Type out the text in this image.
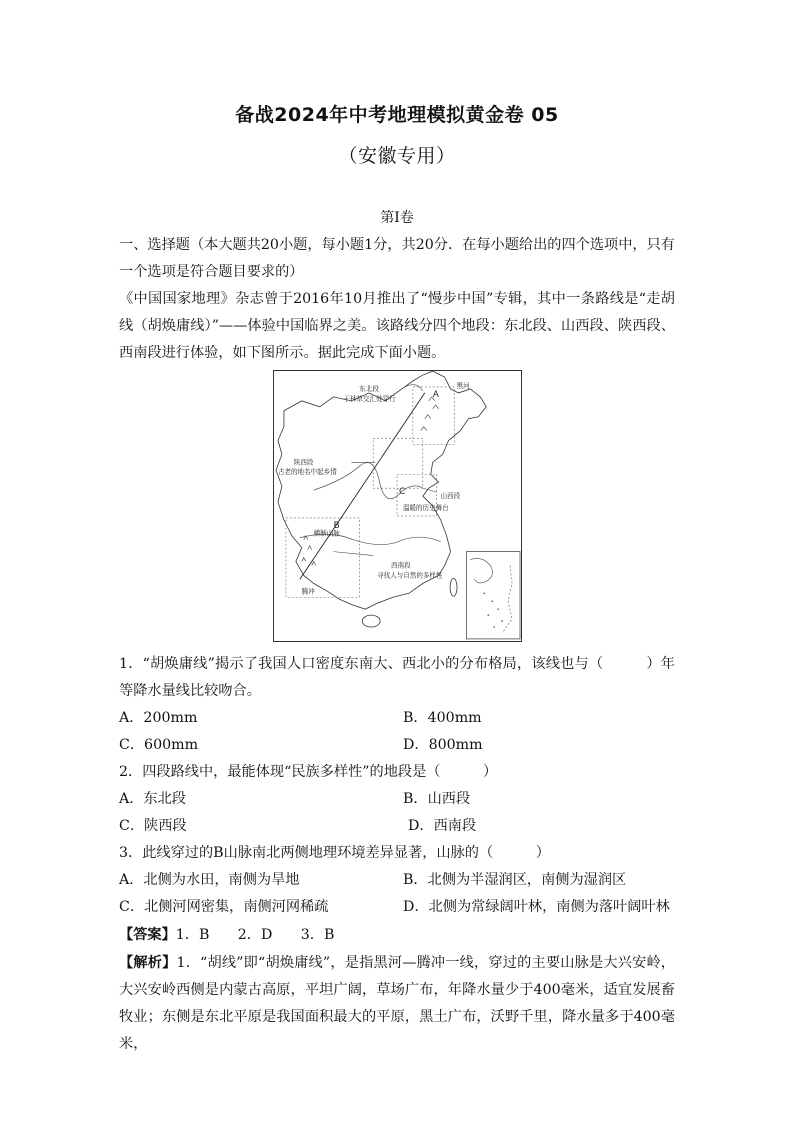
备战2024年中考地理模拟黄金卷 05
（安徽专用）
第Ⅰ卷
一、选择题（本大题共20小题，每小题1分，共20分．在每小题给出的四个选项中，只有一个选项是符合题目要求的）
《中国国家地理》杂志曾于2016年10月推出了“慢步中国”专辑，其中一条路线是“走胡线（胡焕庸线）”——体验中国临界之美。该路线分四个地段：东北段、山西段、陕西段、西南段进行体验，如下图所示。据此完成下面小题。
东北段
于林草交汇处穿行
黑河
A
陕西段
古老的地名中起乡情
C	山西段
温暖的历史舞台
B
横断山脉
西南段
寻找人与自然的多样性
腾冲
1．“胡焕庸线”揭示了我国人口密度东南大、西北小的分布格局，该线也与（　　　）年等降水量线比较吻合。
A．200mm	B．400mm
C．600mm	D．800mm
2．四段路线中，最能体现“民族多样性”的地段是（　　　）
A．东北段	B．山西段
C．陕西段	D．西南段
3．此线穿过的B山脉南北两侧地理环境差异显著，山脉的（　　　）
A．北侧为水田，南侧为旱地	B．北侧为半湿润区，南侧为湿润区
C．北侧河网密集，南侧河网稀疏	D．北侧为常绿阔叶林，南侧为落叶阔叶林
【答案】1．B　　2．D　　3．B
【解析】1．“胡线”即“胡焕庸线”，是指黑河—腾冲一线，穿过的主要山脉是大兴安岭，大兴安岭西侧是内蒙古高原，平坦广阔，草场广布，年降水量少于400毫米，适宜发展畜牧业；东侧是东北平原是我国面积最大的平原，黑土广布，沃野千里，降水量多于400毫米，
